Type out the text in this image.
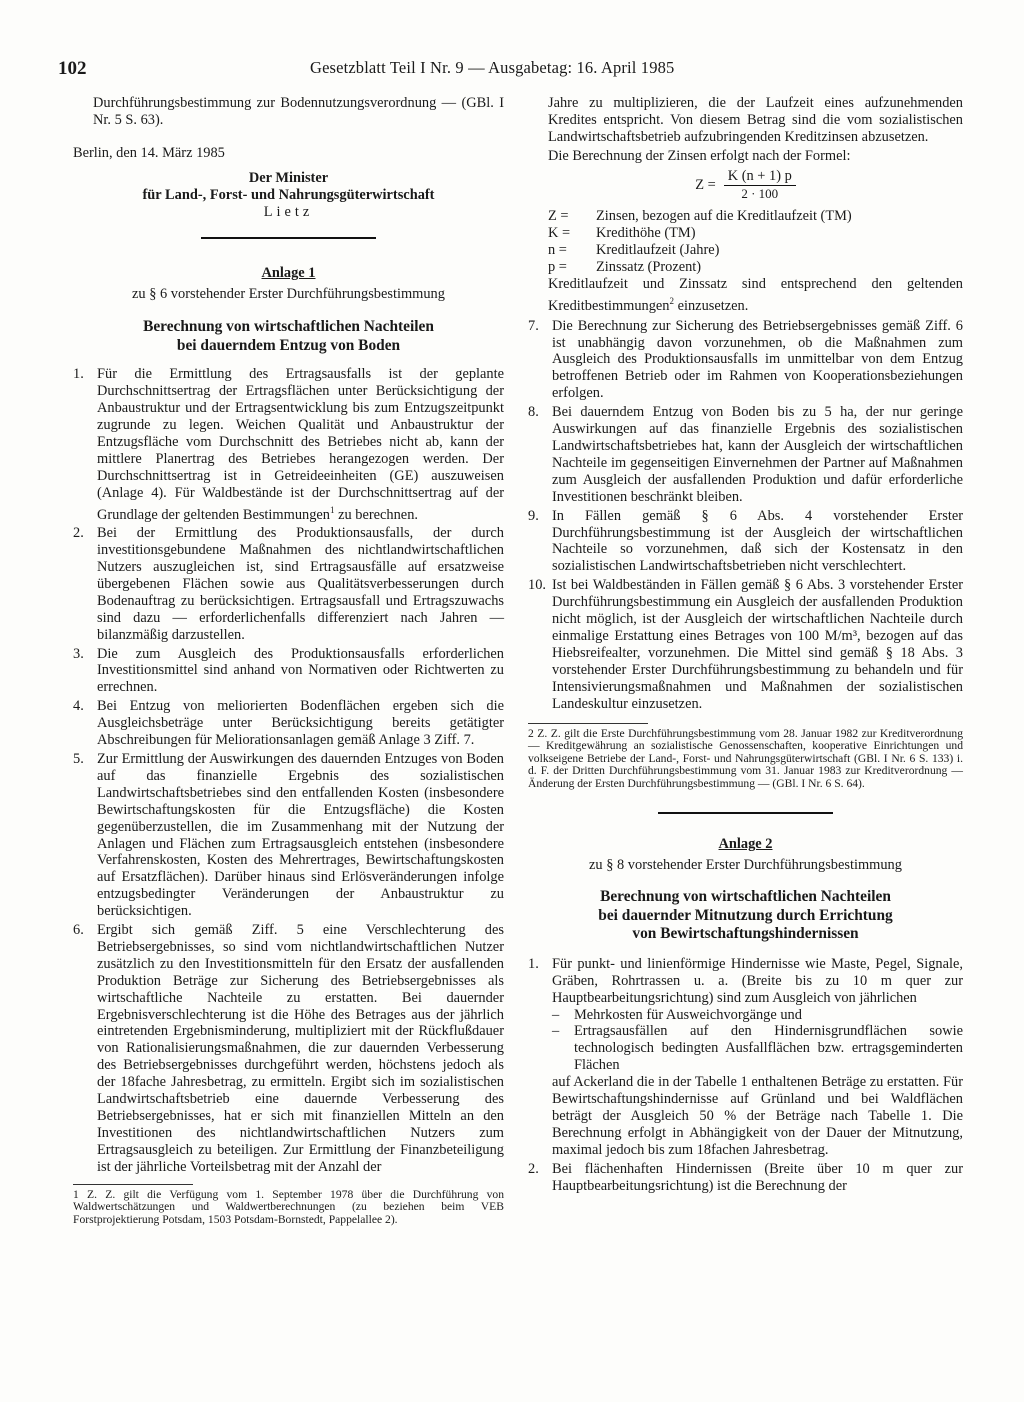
102	Gesetzblatt Teil I Nr. 9 — Ausgabetag: 16. April 1985

Durchführungsbestimmung zur Bodennutzungsverordnung — (GBl. I Nr. 5 S. 63).

Berlin, den 14. März 1985

Der Minister
für Land-, Forst- und Nahrungsgüterwirtschaft
Lietz
Anlage 1
zu § 6 vorstehender Erster Durchführungsbestimmung
Berechnung von wirtschaftlichen Nachteilen
bei dauerndem Entzug von Boden
1. Für die Ermittlung des Ertragsausfalls ist der geplante Durchschnittsertrag der Ertragsflächen unter Berücksichtigung der Anbaustruktur und der Ertragsentwicklung bis zum Entzugszeitpunkt zugrunde zu legen. Weichen Qualität und Anbaustruktur der Entzugsfläche vom Durchschnitt des Betriebes nicht ab, kann der mittlere Planertrag des Betriebes herangezogen werden. Der Durchschnittsertrag ist in Getreideeinheiten (GE) auszuweisen (Anlage 4). Für Waldbestände ist der Durchschnittsertrag auf der Grundlage der geltenden Bestimmungen$^1$ zu berechnen.
2. Bei der Ermittlung des Produktionsausfalls, der durch investitionsgebundene Maßnahmen des nichtlandwirtschaftlichen Nutzers auszugleichen ist, sind Ertragsausfälle auf ersatzweise übergebenen Flächen sowie aus Qualitätsverbesserungen durch Bodenauftrag zu berücksichtigen. Ertragsausfall und Ertragszuwachs sind dazu — erforderlichenfalls differenziert nach Jahren — bilanzmäßig darzustellen.
3. Die zum Ausgleich des Produktionsausfalls erforderlichen Investitionsmittel sind anhand von Normativen oder Richtwerten zu errechnen.
4. Bei Entzug von meliorierten Bodenflächen ergeben sich die Ausgleichsbeträge unter Berücksichtigung bereits getätigter Abschreibungen für Meliorationsanlagen gemäß Anlage 3 Ziff. 7.
5. Zur Ermittlung der Auswirkungen des dauernden Entzuges von Boden auf das finanzielle Ergebnis des sozialistischen Landwirtschaftsbetriebes sind den entfallenden Kosten (insbesondere Bewirtschaftungskosten für die Entzugsfläche) die Kosten gegenüberzustellen, die im Zusammenhang mit der Nutzung der Anlagen und Flächen zum Ertragsausgleich entstehen (insbesondere Verfahrenskosten, Kosten des Mehrertrages, Bewirtschaftungskosten auf Ersatzflächen). Darüber hinaus sind Erlösveränderungen infolge entzugsbedingter Veränderungen der Anbaustruktur zu berücksichtigen.
6. Ergibt sich gemäß Ziff. 5 eine Verschlechterung des Betriebsergebnisses, so sind vom nichtlandwirtschaftlichen Nutzer zusätzlich zu den Investitionsmitteln für den Ersatz der ausfallenden Produktion Beträge zur Sicherung des Betriebsergebnisses als wirtschaftliche Nachteile zu erstatten. Bei dauernder Ergebnisverschlechterung ist die Höhe des Betrages aus der jährlich eintretenden Ergebnisminderung, multipliziert mit der Rückflußdauer von Rationalisierungsmaßnahmen, die zur dauernden Verbesserung des Betriebsergebnisses durchgeführt werden, höchstens jedoch als der 18fache Jahresbetrag, zu ermitteln. Ergibt sich im sozialistischen Landwirtschaftsbetrieb eine dauernde Verbesserung des Betriebsergebnisses, hat er sich mit finanziellen Mitteln an den Investitionen des nichtlandwirtschaftlichen Nutzers zum Ertragsausgleich zu beteiligen. Zur Ermittlung der Finanzbeteiligung ist der jährliche Vorteilsbetrag mit der Anzahl der

1 Z. Z. gilt die Verfügung vom 1. September 1978 über die Durchführung von Waldwertschätzungen und Waldwertberechnungen (zu beziehen beim VEB Forstprojektierung Potsdam, 1503 Potsdam-Bornstedt, Pappelallee 2).

Jahre zu multiplizieren, die der Laufzeit eines aufzunehmenden Kredites entspricht. Von diesem Betrag sind die vom sozialistischen Landwirtschaftsbetrieb aufzubringenden Kreditzinsen abzusetzen.

Die Berechnung der Zinsen erfolgt nach der Formel:

$Z = \frac{K (n + 1) p}{2 \cdot 100}$
Z =	Zinsen, bezogen auf die Kreditlaufzeit (TM)
K =	Kredithöhe (TM)
n =	Kreditlaufzeit (Jahre)
p =	Zinssatz (Prozent)

Kreditlaufzeit und Zinssatz sind entsprechend den geltenden Kreditbestimmungen$^2$ einzusetzen.

7. Die Berechnung zur Sicherung des Betriebsergebnisses gemäß Ziff. 6 ist unabhängig davon vorzunehmen, ob die Maßnahmen zum Ausgleich des Produktionsausfalls im unmittelbar von dem Entzug betroffenen Betrieb oder im Rahmen von Kooperationsbeziehungen erfolgen.
8. Bei dauerndem Entzug von Boden bis zu 5 ha, der nur geringe Auswirkungen auf das finanzielle Ergebnis des sozialistischen Landwirtschaftsbetriebes hat, kann der Ausgleich der wirtschaftlichen Nachteile im gegenseitigen Einvernehmen der Partner auf Maßnahmen zum Ausgleich der ausfallenden Produktion und dafür erforderliche Investitionen beschränkt bleiben.
9. In Fällen gemäß § 6 Abs. 4 vorstehender Erster Durchführungsbestimmung ist der Ausgleich der wirtschaftlichen Nachteile so vorzunehmen, daß sich der Kostensatz in den sozialistischen Landwirtschaftsbetrieben nicht verschlechtert.
10. Ist bei Waldbeständen in Fällen gemäß § 6 Abs. 3 vorstehender Erster Durchführungsbestimmung ein Ausgleich der ausfallenden Produktion nicht möglich, ist der Ausgleich der wirtschaftlichen Nachteile durch einmalige Erstattung eines Betrages von 100 M/m³, bezogen auf das Hiebsreifealter, vorzunehmen. Die Mittel sind gemäß § 18 Abs. 3 vorstehender Erster Durchführungsbestimmung zu behandeln und für Intensivierungsmaßnahmen und Maßnahmen der sozialistischen Landeskultur einzusetzen.

2 Z. Z. gilt die Erste Durchführungsbestimmung vom 28. Januar 1982 zur Kreditverordnung — Kreditgewährung an sozialistische Genossenschaften, kooperative Einrichtungen und volkseigene Betriebe der Land-, Forst- und Nahrungsgüterwirtschaft (GBl. I Nr. 6 S. 133) i. d. F. der Dritten Durchführungsbestimmung vom 31. Januar 1983 zur Kreditverordnung — Änderung der Ersten Durchführungsbestimmung — (GBl. I Nr. 6 S. 64).

Anlage 2
zu § 8 vorstehender Erster Durchführungsbestimmung
Berechnung von wirtschaftlichen Nachteilen
bei dauernder Mitnutzung durch Errichtung
von Bewirtschaftungshindernissen
1. Für punkt- und linienförmige Hindernisse wie Maste, Pegel, Signale, Gräben, Rohrtrassen u. a. (Breite bis zu 10 m quer zur Hauptbearbeitungsrichtung) sind zum Ausgleich von jährlichen

–	Mehrkosten für Ausweichvorgänge und
–	Ertragsausfällen auf den Hindernisgrundflächen sowie technologisch bedingten Ausfallflächen bzw. ertragsgeminderten Flächen

auf Ackerland die in der Tabelle 1 enthaltenen Beträge zu erstatten. Für Bewirtschaftungshindernisse auf Grünland und bei Waldflächen beträgt der Ausgleich 50 % der Beträge nach Tabelle 1. Die Berechnung erfolgt in Abhängigkeit von der Dauer der Mitnutzung, maximal jedoch bis zum 18fachen Jahresbetrag.

2. Bei flächenhaften Hindernissen (Breite über 10 m quer zur Hauptbearbeitungsrichtung) ist die Berechnung der
